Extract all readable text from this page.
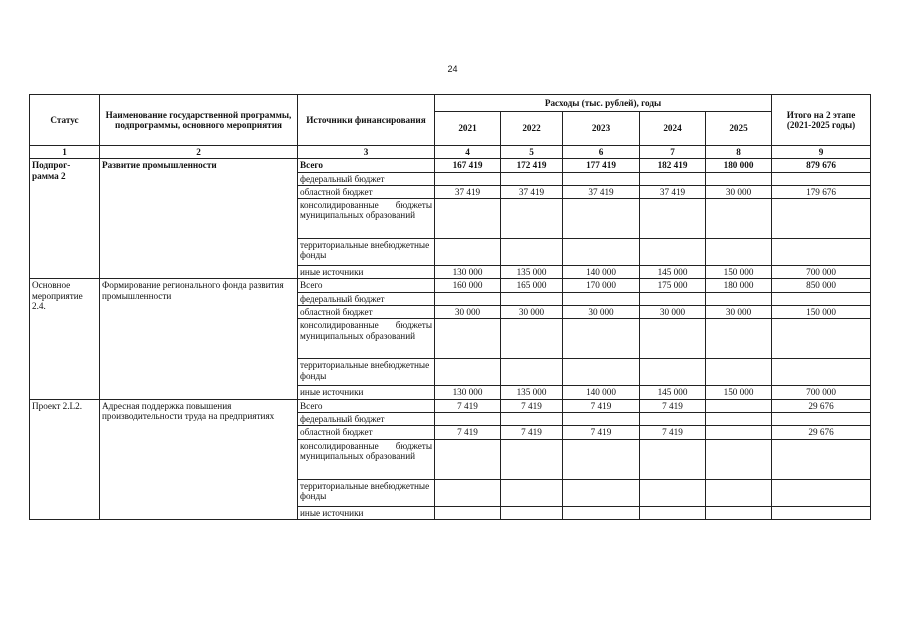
24
Статус	Наименование государственной программы, подпрограммы, основного мероприятия	Источники финансирования	Расходы (тыс. рублей), годы					Итого на 2 этапе (2021-2025 годы)
			2021	2022	2023	2024	2025	
1	2	3	4	5	6	7	8	9
Подпрог-рамма 2	Развитие промышленности	Всего	167 419	172 419	177 419	182 419	180 000	879 676
		федеральный бюджет						
		областной бюджет	37 419	37 419	37 419	37 419	30 000	179 676
		консолидированные бюджеты муниципальных образований						
		территориальные внебюджетные фонды						
		иные источники	130 000	135 000	140 000	145 000	150 000	700 000
Основное мероприятие 2.4.	Формирование регионального фонда развития промышленности	Всего	160 000	165 000	170 000	175 000	180 000	850 000
		федеральный бюджет						
		областной бюджет	30 000	30 000	30 000	30 000	30 000	150 000
		консолидированные бюджеты муниципальных образований						
		территориальные внебюджетные фонды						
		иные источники	130 000	135 000	140 000	145 000	150 000	700 000
Проект 2.L2.	Адресная поддержка повышения производительности труда на предприятиях	Всего	7 419	7 419	7 419	7 419		29 676
		федеральный бюджет						
		областной бюджет	7 419	7 419	7 419	7 419		29 676
		консолидированные бюджеты муниципальных образований						
		территориальные внебюджетные фонды						
		иные источники						
